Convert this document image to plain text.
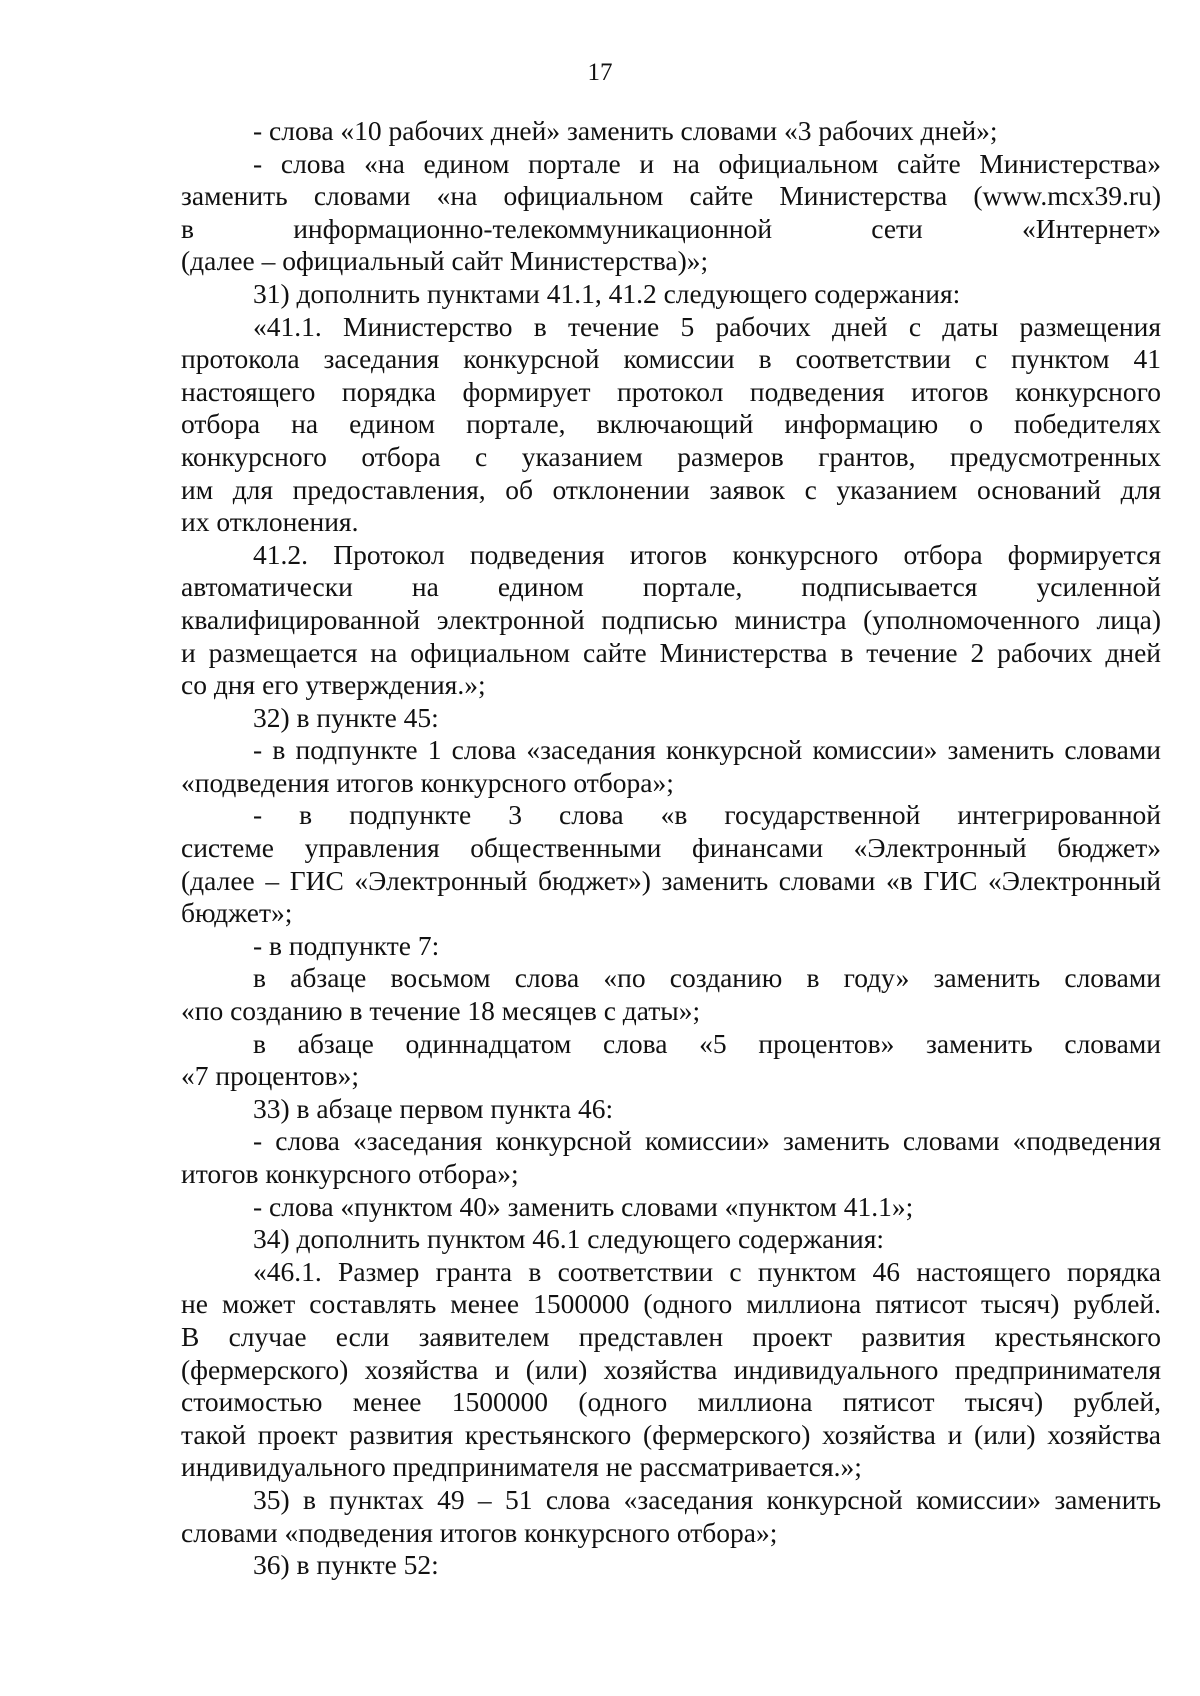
17
- слова «10 рабочих дней» заменить словами «3 рабочих дней»;
- слова «на едином портале и на официальном сайте Министерства»
заменить словами «на официальном сайте Министерства (www.mcx39.ru)
в информационно-телекоммуникационной сети «Интернет»
(далее – официальный сайт Министерства)»;
31) дополнить пунктами 41.1, 41.2 следующего содержания:
«41.1. Министерство в течение 5 рабочих дней с даты размещения
протокола заседания конкурсной комиссии в соответствии с пунктом 41
настоящего порядка формирует протокол подведения итогов конкурсного
отбора на едином портале, включающий информацию о победителях
конкурсного отбора с указанием размеров грантов, предусмотренных
им для предоставления, об отклонении заявок с указанием оснований для
их отклонения.
41.2. Протокол подведения итогов конкурсного отбора формируется
автоматически на едином портале, подписывается усиленной
квалифицированной электронной подписью министра (уполномоченного лица)
и размещается на официальном сайте Министерства в течение 2 рабочих дней
со дня его утверждения.»;
32) в пункте 45:
- в подпункте 1 слова «заседания конкурсной комиссии» заменить словами
«подведения итогов конкурсного отбора»;
- в подпункте 3 слова «в государственной интегрированной
системе управления общественными финансами «Электронный бюджет»
(далее – ГИС «Электронный бюджет») заменить словами «в ГИС «Электронный
бюджет»;
- в подпункте 7:
в абзаце восьмом слова «по созданию в году» заменить словами
«по созданию в течение 18 месяцев с даты»;
в абзаце одиннадцатом слова «5 процентов» заменить словами
«7 процентов»;
33) в абзаце первом пункта 46:
- слова «заседания конкурсной комиссии» заменить словами «подведения
итогов конкурсного отбора»;
- слова «пунктом 40» заменить словами «пунктом 41.1»;
34) дополнить пунктом 46.1 следующего содержания:
«46.1. Размер гранта в соответствии с пунктом 46 настоящего порядка
не может составлять менее 1500000 (одного миллиона пятисот тысяч) рублей.
В случае если заявителем представлен проект развития крестьянского
(фермерского) хозяйства и (или) хозяйства индивидуального предпринимателя
стоимостью менее 1500000 (одного миллиона пятисот тысяч) рублей,
такой проект развития крестьянского (фермерского) хозяйства и (или) хозяйства
индивидуального предпринимателя не рассматривается.»;
35) в пунктах 49 – 51 слова «заседания конкурсной комиссии» заменить
словами «подведения итогов конкурсного отбора»;
36) в пункте 52:
